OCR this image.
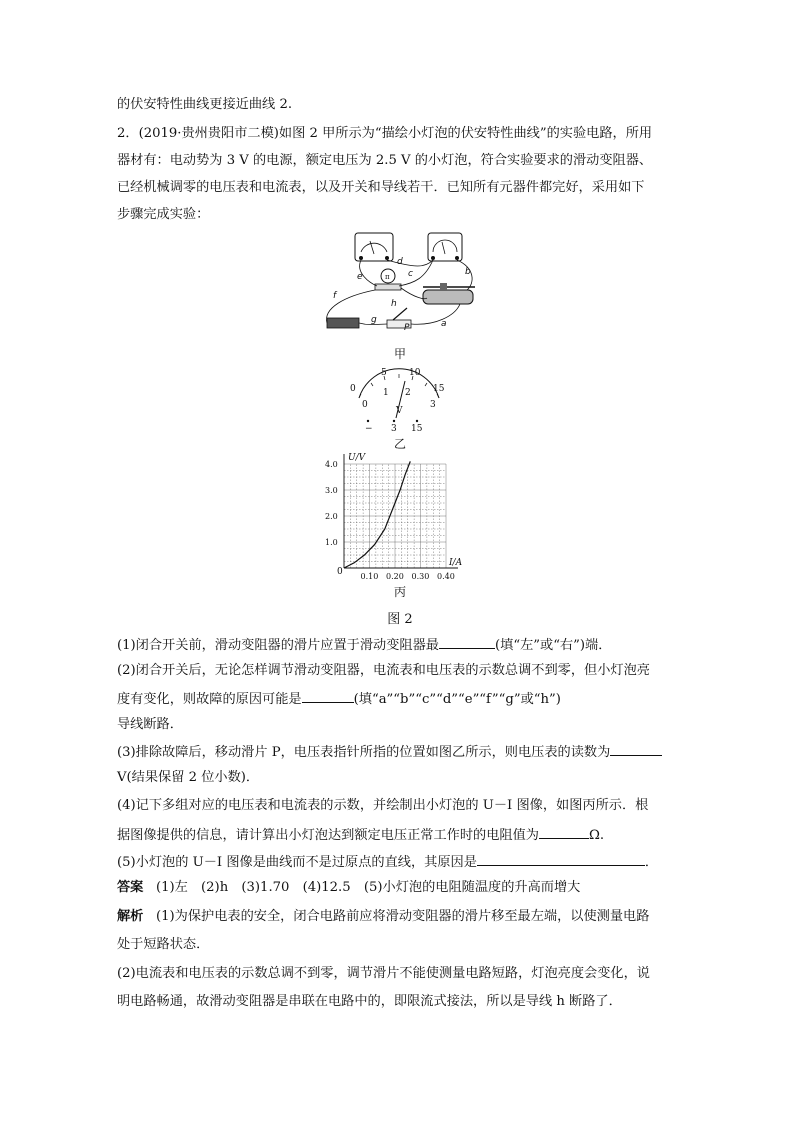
的伏安特性曲线更接近曲线 2.
2．(2019·贵州贵阳市二模)如图 2 甲所示为“描绘小灯泡的伏安特性曲线”的实验电路，所用
器材有：电动势为 3 V 的电源，额定电压为 2.5 V 的小灯泡，符合实验要求的滑动变阻器、
已经机械调零的电压表和电流表，以及开关和导线若干．已知所有元器件都完好，采用如下
步骤完成实验：
d
b
c
e
f
g
h
a
P
π
甲
5 10
0	15
1 2
0	3
V
− 3 15
乙
0.10 0.20 0.30 0.40
1.0
2.0
3.0
4.0
U/V
I/A
0
丙
图 2
(1)闭合开关前，滑动变阻器的滑片应置于滑动变阻器最	(填“左”或“右”)端．
(2)闭合开关后，无论怎样调节滑动变阻器，电流表和电压表的示数总调不到零，但小灯泡亮
度有变化，则故障的原因可能是	(填“a”“b”“c”“d”“e”“f”“g”或“h”)
导线断路．
(3)排除故障后，移动滑片 P，电压表指针所指的位置如图乙所示，则电压表的读数为
V(结果保留 2 位小数)．
(4)记下多组对应的电压表和电流表的示数，并绘制出小灯泡的 U－I 图像，如图丙所示．根
据图像提供的信息，请计算出小灯泡达到额定电压正常工作时的电阻值为	Ω.
(5)小灯泡的 U－I 图像是曲线而不是过原点的直线，其原因是	．
答案 (1)左　(2)h　(3)1.70　(4)12.5　(5)小灯泡的电阻随温度的升高而增大
解析 (1)为保护电表的安全，闭合电路前应将滑动变阻器的滑片移至最左端，以使测量电路
处于短路状态．
(2)电流表和电压表的示数总调不到零，调节滑片不能使测量电路短路，灯泡亮度会变化，说
明电路畅通，故滑动变阻器是串联在电路中的，即限流式接法，所以是导线 h 断路了．
